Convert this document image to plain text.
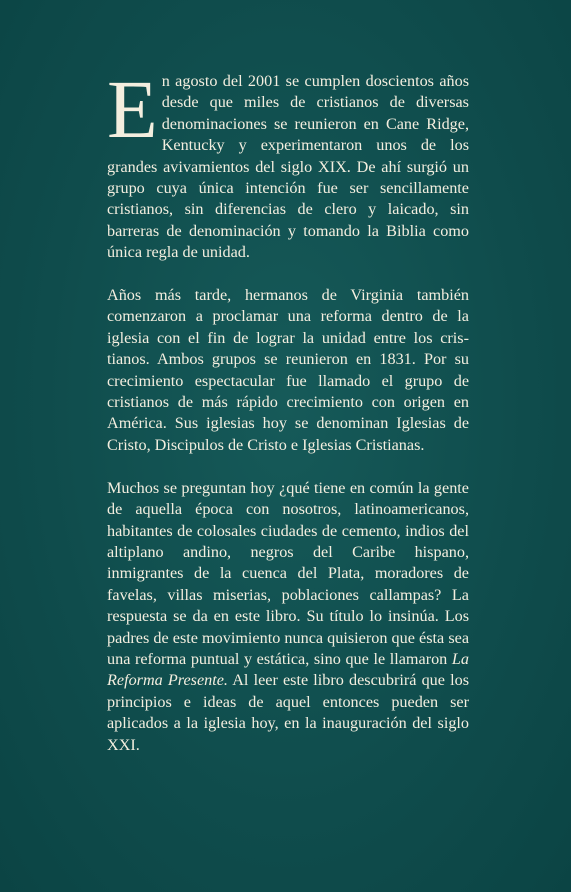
En agosto del 2001 se cumplen doscientos años desde que miles de cristianos de diversas denominaciones se reunieron en Cane Ridge, Kentucky y experimentaron unos de los grandes avivamientos del siglo XIX. De ahí surgió un grupo cuya única intención fue ser sencillamente cristianos, sin diferencias de clero y laicado, sin barreras de denominación y tomando la Biblia como única regla de unidad.

Años más tarde, hermanos de Virginia también comenzaron a proclamar una reforma dentro de la iglesia con el fin de lograr la unidad entre los cristianos. Ambos grupos se reunieron en 1831. Por su crecimiento espectacular fue llamado el grupo de cristianos de más rápido crecimiento con origen en América. Sus iglesias hoy se denominan Iglesias de Cristo, Discipulos de Cristo e Iglesias Cristianas.

Muchos se preguntan hoy ¿qué tiene en común la gente de aquella época con nosotros, latinoamericanos, habitantes de colosales ciudades de cemento, indios del altiplano andino, negros del Caribe hispano, inmigrantes de la cuenca del Plata, moradores de favelas, villas miserias, poblaciones callampas? La respuesta se da en este libro. Su título lo insinúa. Los padres de este movimiento nunca quisieron que ésta sea una reforma puntual y estática, sino que le llamaron La Reforma Presente. Al leer este libro descubrirá que los principios e ideas de aquel entonces pueden ser aplicados a la iglesia hoy, en la inauguración del siglo XXI.
